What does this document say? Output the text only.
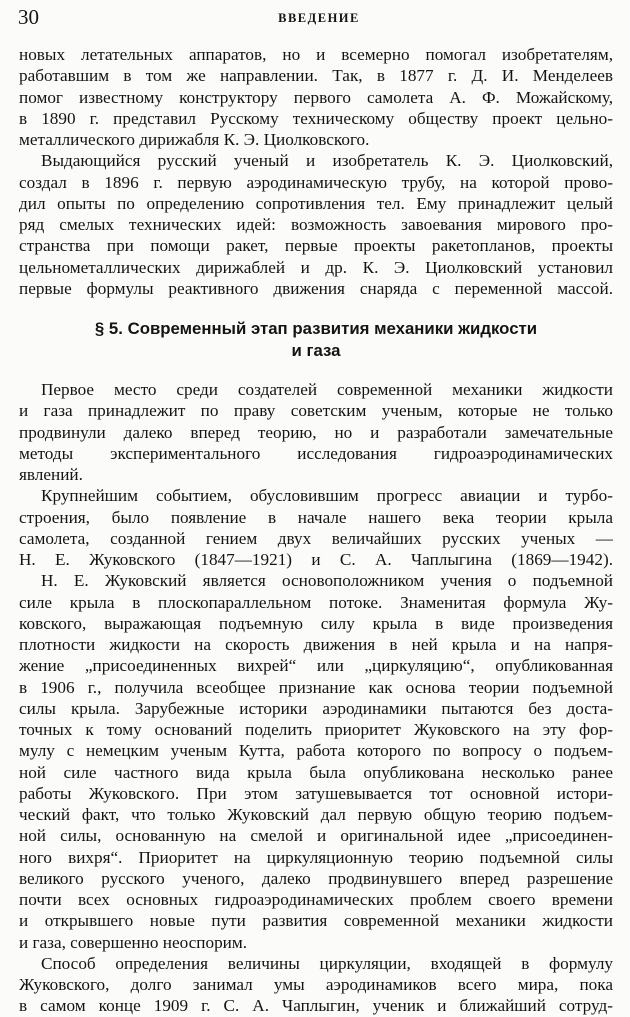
30	ВВЕДЕНИЕ
новых летательных аппаратов, но и всемерно помогал изобретателям,
работавшим в том же направлении. Так, в 1877 г. Д. И. Менделеев
помог известному конструктору первого самолета А. Ф. Можайскому,
в 1890 г. представил Русскому техническому обществу проект цельно-
металлического дирижабля К. Э. Циолковского.
Выдающийся русский ученый и изобретатель К. Э. Циолковский,
создал в 1896 г. первую аэродинамическую трубу, на которой прово-
дил опыты по определению сопротивления тел. Ему принадлежит целый
ряд смелых технических идей: возможность завоевания мирового про-
странства при помощи ракет, первые проекты ракетопланов, проекты
цельнометаллических дирижаблей и др. К. Э. Циолковский установил
первые формулы реактивного движения снаряда с переменной массой.
§ 5. Современный этап развития механики жидкости
и газа
Первое место среди создателей современной механики жидкости
и газа принадлежит по праву советским ученым, которые не только
продвинули далеко вперед теорию, но и разработали замечательные
методы экспериментального исследования гидроаэродинамических
явлений.
Крупнейшим событием, обусловившим прогресс авиации и турбо-
строения, было появление в начале нашего века теории крыла
самолета, созданной гением двух величайших русских ученых —
Н. Е. Жуковского (1847—1921) и С. А. Чаплыгина (1869—1942).
Н. Е. Жуковский является основоположником учения о подъемной
силе крыла в плоскопараллельном потоке. Знаменитая формула Жу-
ковского, выражающая подъемную силу крыла в виде произведения
плотности жидкости на скорость движения в ней крыла и на напря-
жение „присоединенных вихрей“ или „циркуляцию“, опубликованная
в 1906 г., получила всеобщее признание как основа теории подъемной
силы крыла. Зарубежные историки аэродинамики пытаются без доста-
точных к тому оснований поделить приоритет Жуковского на эту фор-
мулу с немецким ученым Кутта, работа которого по вопросу о подъем-
ной силе частного вида крыла была опубликована несколько ранее
работы Жуковского. При этом затушевывается тот основной истори-
ческий факт, что только Жуковский дал первую общую теорию подъем-
ной силы, основанную на смелой и оригинальной идее „присоединен-
ного вихря“. Приоритет на циркуляционную теорию подъемной силы
великого русского ученого, далеко продвинувшего вперед разрешение
почти всех основных гидроаэродинамических проблем своего времени
и открывшего новые пути развития современной механики жидкости
и газа, совершенно неоспорим.
Способ определения величины циркуляции, входящей в формулу
Жуковского, долго занимал умы аэродинамиков всего мира, пока
в самом конце 1909 г. С. А. Чаплыгин, ученик и ближайший сотруд-
